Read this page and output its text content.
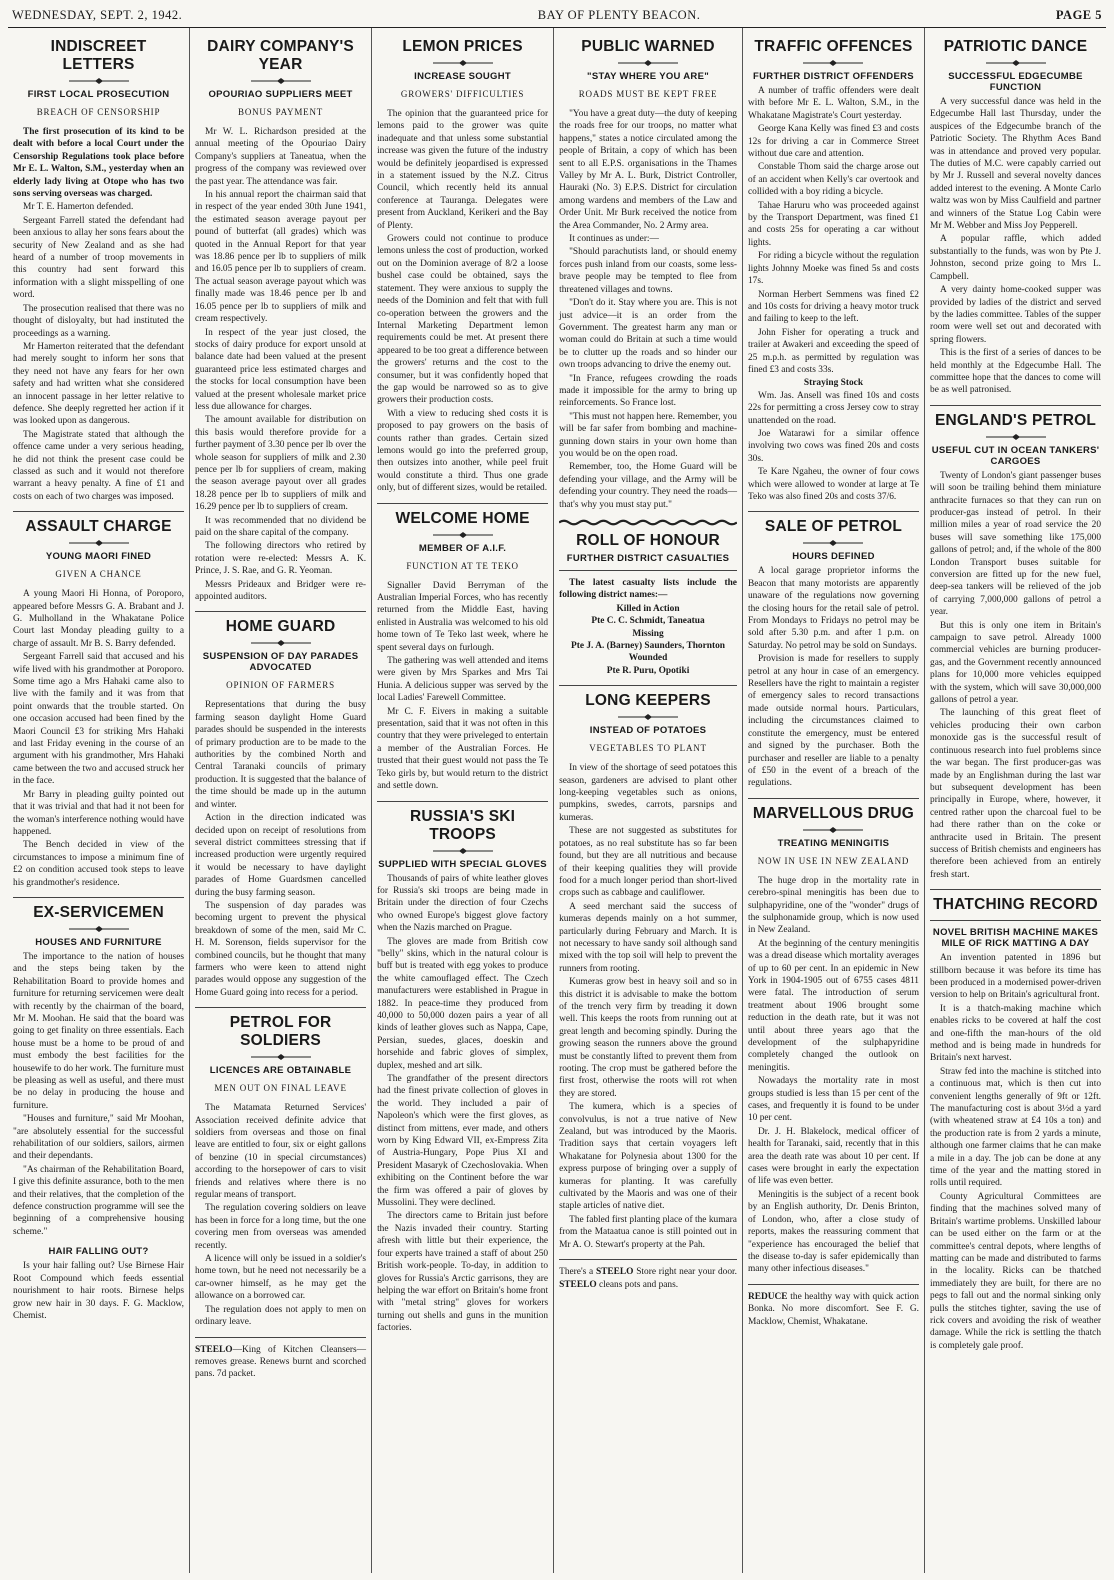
WEDNESDAY, SEPT. 2, 1942.	BAY OF PLENTY BEACON.	PAGE 5
INDISCREET LETTERS
FIRST LOCAL PROSECUTION
BREACH OF CENSORSHIP

The first prosecution of its kind to be dealt with before a local Court under the Censorship Regulations took place before Mr E. L. Walton, S.M., yesterday when an elderly lady living at Otope who has two sons serving overseas was charged.

Mr T. E. Hamerton defended.

Sergeant Farrell stated the defendant had been anxious to allay her sons fears about the security of New Zealand and as she had heard of a number of troop movements in this country had sent forward this information with a slight misspelling of one word.

The prosecution realised that there was no thought of disloyalty, but had instituted the proceedings as a warning.

Mr Hamerton reiterated that the defendant had merely sought to inform her sons that they need not have any fears for her own safety and had written what she considered an innocent passage in her letter relative to defence. She deeply regretted her action if it was looked upon as dangerous.

The Magistrate stated that although the offence came under a very serious heading, he did not think the present case could be classed as such and it would not therefore warrant a heavy penalty. A fine of £1 and costs on each of two charges was imposed.

ASSAULT CHARGE
YOUNG MAORI FINED
GIVEN A CHANCE

A young Maori Hi Honna, of Poroporo, appeared before Messrs G. A. Brabant and J. G. Mulholland in the Whakatane Police Court last Monday pleading guilty to a charge of assault. Mr B. S. Barry defended.

Sergeant Farrell said that accused and his wife lived with his grandmother at Poroporo. Some time ago a Mrs Hahaki came also to live with the family and it was from that point onwards that the trouble started. On one occasion accused had been fined by the Maori Council £3 for striking Mrs Hahaki and last Friday evening in the course of an argument with his grandmother, Mrs Hahaki came between the two and accused struck her in the face.

Mr Barry in pleading guilty pointed out that it was trivial and that had it not been for the woman's interference nothing would have happened.

The Bench decided in view of the circumstances to impose a minimum fine of £2 on condition accused took steps to leave his grandmother's residence.

EX-SERVICEMEN
HOUSES AND FURNITURE

The importance to the nation of houses and the steps being taken by the Rehabilitation Board to provide homes and furniture for returning servicemen were dealt with recently by the chairman of the board, Mr M. Moohan. He said that the board was going to get finality on three essentials. Each house must be a home to be proud of and must embody the best facilities for the housewife to do her work. The furniture must be pleasing as well as useful, and there must be no delay in producing the house and furniture.

"Houses and furniture," said Mr Moohan, "are absolutely essential for the successful rehabilitation of our soldiers, sailors, airmen and their dependants.

"As chairman of the Rehabilitation Board, I give this definite assurance, both to the men and their relatives, that the completion of the defence construction programme will see the beginning of a comprehensive housing scheme."

HAIR FALLING OUT?

Is your hair falling out? Use Birnese Hair Root Compound which feeds essential nourishment to hair roots. Birnese helps grow new hair in 30 days. F. G. Macklow, Chemist.

DAIRY COMPANY'S YEAR
OPOURIAO SUPPLIERS MEET
BONUS PAYMENT

Mr W. L. Richardson presided at the annual meeting of the Opouriao Dairy Company's suppliers at Taneatua, when the progress of the company was reviewed over the past year. The attendance was fair.

In his annual report the chairman said that in respect of the year ended 30th June 1941, the estimated season average payout per pound of butterfat (all grades) which was quoted in the Annual Report for that year was 18.86 pence per lb to suppliers of milk and 16.05 pence per lb to suppliers of cream. The actual season average payout which was finally made was 18.46 pence per lb and 16.05 pence per lb to suppliers of milk and cream respectively.

In respect of the year just closed, the stocks of dairy produce for export unsold at balance date had been valued at the present guaranteed price less estimated charges and the stocks for local consumption have been valued at the present wholesale market price less due allowance for charges.

The amount available for distribution on this basis would therefore provide for a further payment of 3.30 pence per lb over the whole season for suppliers of milk and 2.30 pence per lb for suppliers of cream, making the season average payout over all grades 18.28 pence per lb to suppliers of milk and 16.29 pence per lb to suppliers of cream.

It was recommended that no dividend be paid on the share capital of the company.

The following directors who retired by rotation were re-elected: Messrs A. K. Prince, J. S. Rae, and G. R. Yeoman.

Messrs Prideaux and Bridger were re-appointed auditors.

HOME GUARD
SUSPENSION OF DAY PARADES ADVOCATED
OPINION OF FARMERS

Representations that during the busy farming season daylight Home Guard parades should be suspended in the interests of primary production are to be made to the authorities by the combined North and Central Taranaki councils of primary production. It is suggested that the balance of the time should be made up in the autumn and winter.

Action in the direction indicated was decided upon on receipt of resolutions from several district committees stressing that if increased production were urgently required it would be necessary to have daylight parades of Home Guardsmen cancelled during the busy farming season.

The suspension of day parades was becoming urgent to prevent the physical breakdown of some of the men, said Mr C. H. M. Sorenson, fields supervisor for the combined councils, but he thought that many farmers who were keen to attend night parades would oppose any suggestion of the Home Guard going into recess for a period.

PETROL FOR SOLDIERS
LICENCES ARE OBTAINABLE
MEN OUT ON FINAL LEAVE

The Matamata Returned Services' Association received definite advice that soldiers from overseas and those on final leave are entitled to four, six or eight gallons of benzine (10 in special circumstances) according to the horsepower of cars to visit friends and relatives where there is no regular means of transport.

The regulation covering soldiers on leave has been in force for a long time, but the one covering men from overseas was amended recently.

A licence will only be issued in a soldier's home town, but he need not necessarily be a car-owner himself, as he may get the allowance on a borrowed car.

The regulation does not apply to men on ordinary leave.

STEELO—King of Kitchen Cleansers—removes grease. Renews burnt and scorched pans. 7d packet.
LEMON PRICES
INCREASE SOUGHT
GROWERS' DIFFICULTIES

The opinion that the guaranteed price for lemons paid to the grower was quite inadequate and that unless some substantial increase was given the future of the industry would be definitely jeopardised is expressed in a statement issued by the N.Z. Citrus Council, which recently held its annual conference at Tauranga. Delegates were present from Auckland, Kerikeri and the Bay of Plenty.

Growers could not continue to produce lemons unless the cost of production, worked out on the Dominion average of 8/2 a loose bushel case could be obtained, says the statement. They were anxious to supply the needs of the Dominion and felt that with full co-operation between the growers and the Internal Marketing Department lemon requirements could be met. At present there appeared to be too great a difference between the growers' returns and the cost to the consumer, but it was confidently hoped that the gap would be narrowed so as to give growers their production costs.

With a view to reducing shed costs it is proposed to pay growers on the basis of counts rather than grades. Certain sized lemons would go into the preferred group, then outsizes into another, while peel fruit would constitute a third. Thus one grade only, but of different sizes, would be retailed.

WELCOME HOME
MEMBER OF A.I.F.
FUNCTION AT TE TEKO

Signaller David Berryman of the Australian Imperial Forces, who has recently returned from the Middle East, having enlisted in Australia was welcomed to his old home town of Te Teko last week, where he spent several days on furlough.

The gathering was well attended and items were given by Mrs Sparkes and Mrs Tai Hunia. A delicious supper was served by the local Ladies' Farewell Committee.

Mr C. F. Eivers in making a suitable presentation, said that it was not often in this country that they were priveleged to entertain a member of the Australian Forces. He trusted that their guest would not pass the Te Teko girls by, but would return to the district and settle down.

RUSSIA'S SKI TROOPS
SUPPLIED WITH SPECIAL GLOVES

Thousands of pairs of white leather gloves for Russia's ski troops are being made in Britain under the direction of four Czechs who owned Europe's biggest glove factory when the Nazis marched on Prague.

The gloves are made from British cow "belly" skins, which in the natural colour is buff but is treated with egg yokes to produce the white camouflaged effect. The Czech manufacturers were established in Prague in 1882. In peace-time they produced from 40,000 to 50,000 dozen pairs a year of all kinds of leather gloves such as Nappa, Cape, Persian, suedes, glaces, doeskin and horsehide and fabric gloves of simplex, duplex, meshed and art silk.

The grandfather of the present directors had the finest private collection of gloves in the world. They included a pair of Napoleon's which were the first gloves, as distinct from mittens, ever made, and others worn by King Edward VII, ex-Empress Zita of Austria-Hungary, Pope Pius XI and President Masaryk of Czechoslovakia. When exhibiting on the Continent before the war the firm was offered a pair of gloves by Mussolini. They were declined.

The directors came to Britain just before the Nazis invaded their country. Starting afresh with little but their experience, the four experts have trained a staff of about 250 British work-people. To-day, in addition to gloves for Russia's Arctic garrisons, they are helping the war effort on Britain's home front with "metal string" gloves for workers turning out shells and guns in the munition factories.

PUBLIC WARNED
"STAY WHERE YOU ARE"
ROADS MUST BE KEPT FREE

"You have a great duty—the duty of keeping the roads free for our troops, no matter what happens," states a notice circulated among the people of Britain, a copy of which has been sent to all E.P.S. organisations in the Thames Valley by Mr A. L. Burk, District Controller, Hauraki (No. 3) E.P.S. District for circulation among wardens and members of the Law and Order Unit. Mr Burk received the notice from the Area Commander, No. 2 Army area.

It continues as under:—

"Should parachutists land, or should enemy forces push inland from our coasts, some less-brave people may be tempted to flee from threatened villages and towns.

"Don't do it. Stay where you are. This is not just advice—it is an order from the Government. The greatest harm any man or woman could do Britain at such a time would be to clutter up the roads and so hinder our own troops advancing to drive the enemy out.

"In France, refugees crowding the roads made it impossible for the army to bring up reinforcements. So France lost.

"This must not happen here. Remember, you will be far safer from bombing and machine-gunning down stairs in your own home than you would be on the open road.

Remember, too, the Home Guard will be defending your village, and the Army will be defending your country. They need the roads—that's why you must stay put."

ROLL OF HONOUR
FURTHER DISTRICT CASUALTIES

The latest casualty lists include the following district names:—

Killed in Action
Pte C. C. Schmidt, Taneatua
Missing
Pte J. A. (Barney) Saunders, Thornton
Wounded
Pte R. Puru, Opotiki
LONG KEEPERS
INSTEAD OF POTATOES
VEGETABLES TO PLANT

In view of the shortage of seed potatoes this season, gardeners are advised to plant other long-keeping vegetables such as onions, pumpkins, swedes, carrots, parsnips and kumeras.

These are not suggested as substitutes for potatoes, as no real substitute has so far been found, but they are all nutritious and because of their keeping qualities they will provide food for a much longer period than short-lived crops such as cabbage and cauliflower.

A seed merchant said the success of kumeras depends mainly on a hot summer, particularly during February and March. It is not necessary to have sandy soil although sand mixed with the top soil will help to prevent the runners from rooting.

Kumeras grow best in heavy soil and so in this district it is advisable to make the bottom of the trench very firm by treading it down well. This keeps the roots from running out at great length and becoming spindly. During the growing season the runners above the ground must be constantly lifted to prevent them from rooting. The crop must be gathered before the first frost, otherwise the roots will rot when they are stored.

The kumera, which is a species of convolvulus, is not a true native of New Zealand, but was introduced by the Maoris. Tradition says that certain voyagers left Whakatane for Polynesia about 1300 for the express purpose of bringing over a supply of kumeras for planting. It was carefully cultivated by the Maoris and was one of their staple articles of native diet.

The fabled first planting place of the kumara from the Mataatua canoe is still pointed out in Mr A. O. Stewart's property at the Pah.

There's a STEELO Store right near your door. STEELO cleans pots and pans.
TRAFFIC OFFENCES
FURTHER DISTRICT OFFENDERS

A number of traffic offenders were dealt with before Mr E. L. Walton, S.M., in the Whakatane Magistrate's Court yesterday.

George Kana Kelly was fined £3 and costs 12s for driving a car in Commerce Street without due care and attention.

Constable Thom said the charge arose out of an accident when Kelly's car overtook and collided with a boy riding a bicycle.

Tahae Haruru who was proceeded against by the Transport Department, was fined £1 and costs 25s for operating a car without lights.

For riding a bicycle without the regulation lights Johnny Moeke was fined 5s and costs 17s.

Norman Herbert Semmens was fined £2 and 10s costs for driving a heavy motor truck and failing to keep to the left.

John Fisher for operating a truck and trailer at Awakeri and exceeding the speed of 25 m.p.h. as permitted by regulation was fined £3 and costs 33s.

Straying Stock

Wm. Jas. Ansell was fined 10s and costs 22s for permitting a cross Jersey cow to stray unattended on the road.

Joe Watarawi for a similar offence involving two cows was fined 20s and costs 30s.

Te Kare Ngaheu, the owner of four cows which were allowed to wonder at large at Te Teko was also fined 20s and costs 37/6.

SALE OF PETROL
HOURS DEFINED

A local garage proprietor informs the Beacon that many motorists are apparently unaware of the regulations now governing the closing hours for the retail sale of petrol. From Mondays to Fridays no petrol may be sold after 5.30 p.m. and after 1 p.m. on Saturday. No petrol may be sold on Sundays.

Provision is made for resellers to supply petrol at any hour in case of an emergency. Resellers have the right to maintain a register of emergency sales to record transactions made outside normal hours. Particulars, including the circumstances claimed to constitute the emergency, must be entered and signed by the purchaser. Both the purchaser and reseller are liable to a penalty of £50 in the event of a breach of the regulations.

MARVELLOUS DRUG
TREATING MENINGITIS
NOW IN USE IN NEW ZEALAND

The huge drop in the mortality rate in cerebro-spinal meningitis has been due to sulphapyridine, one of the "wonder" drugs of the sulphonamide group, which is now used in New Zealand.

At the beginning of the century meningitis was a dread disease which mortality averages of up to 60 per cent. In an epidemic in New York in 1904-1905 out of 6755 cases 4811 were fatal. The introduction of serum treatment about 1906 brought some reduction in the death rate, but it was not until about three years ago that the development of the sulphapyridine completely changed the outlook on meningitis.

Nowadays the mortality rate in most groups studied is less than 15 per cent of the cases, and frequently it is found to be under 10 per cent.

Dr. J. H. Blakelock, medical officer of health for Taranaki, said, recently that in this area the death rate was about 10 per cent. If cases were brought in early the expectation of life was even better.

Meningitis is the subject of a recent book by an English authority, Dr. Denis Brinton, of London, who, after a close study of reports, makes the reassuring comment that "experience has encouraged the belief that the disease to-day is safer epidemically than many other infectious diseases."

REDUCE the healthy way with quick action Bonka. No more discomfort. See F. G. Macklow, Chemist, Whakatane.
PATRIOTIC DANCE
SUCCESSFUL EDGECUMBE FUNCTION

A very successful dance was held in the Edgecumbe Hall last Thursday, under the auspices of the Edgecumbe branch of the Patriotic Society. The Rhythm Aces Band was in attendance and proved very popular. The duties of M.C. were capably carried out by Mr J. Russell and several novelty dances added interest to the evening. A Monte Carlo waltz was won by Miss Caulfield and partner and winners of the Statue Log Cabin were Mr M. Webber and Miss Joy Pepperell.

A popular raffle, which added substantially to the funds, was won by Pte J. Johnston, second prize going to Mrs L. Campbell.

A very dainty home-cooked supper was provided by ladies of the district and served by the ladies committee. Tables of the supper room were well set out and decorated with spring flowers.

This is the first of a series of dances to be held monthly at the Edgecumbe Hall. The committee hope that the dances to come will be as well patronised.

ENGLAND'S PETROL
USEFUL CUT IN OCEAN TANKERS' CARGOES

Twenty of London's giant passenger buses will soon be trailing behind them miniature anthracite furnaces so that they can run on producer-gas instead of petrol. In their million miles a year of road service the 20 buses will save something like 175,000 gallons of petrol; and, if the whole of the 800 London Transport buses suitable for conversion are fitted up for the new fuel, deep-sea tankers will be relieved of the job of carrying 7,000,000 gallons of petrol a year.

But this is only one item in Britain's campaign to save petrol. Already 1000 commercial vehicles are burning producer-gas, and the Government recently announced plans for 10,000 more vehicles equipped with the system, which will save 30,000,000 gallons of petrol a year.

The launching of this great fleet of vehicles producing their own carbon monoxide gas is the successful result of continuous research into fuel problems since the war began. The first producer-gas was made by an Englishman during the last war but subsequent development has been principally in Europe, where, however, it centred rather upon the charcoal fuel to be had there rather than on the coke or anthracite used in Britain. The present success of British chemists and engineers has therefore been achieved from an entirely fresh start.

THATCHING RECORD
NOVEL BRITISH MACHINE MAKES MILE OF RICK MATTING A DAY

An invention patented in 1896 but stillborn because it was before its time has been produced in a modernised power-driven version to help on Britain's agricultural front.

It is a thatch-making machine which enables ricks to be covered at half the cost and one-fifth the man-hours of the old method and is being made in hundreds for Britain's next harvest.

Straw fed into the machine is stitched into a continuous mat, which is then cut into convenient lengths generally of 9ft or 12ft. The manufacturing cost is about 3½d a yard (with wheatened straw at £4 10s a ton) and the production rate is from 2 yards a minute, although one farmer claims that he can make a mile in a day. The job can be done at any time of the year and the matting stored in rolls until required.

County Agricultural Committees are finding that the machines solved many of Britain's wartime problems. Unskilled labour can be used either on the farm or at the committee's central depots, where lengths of matting can be made and distributed to farms in the locality. Ricks can be thatched immediately they are built, for there are no pegs to fall out and the normal sinking only pulls the stitches tighter, saving the use of rick covers and avoiding the risk of weather damage. While the rick is settling the thatch is completely gale proof.
